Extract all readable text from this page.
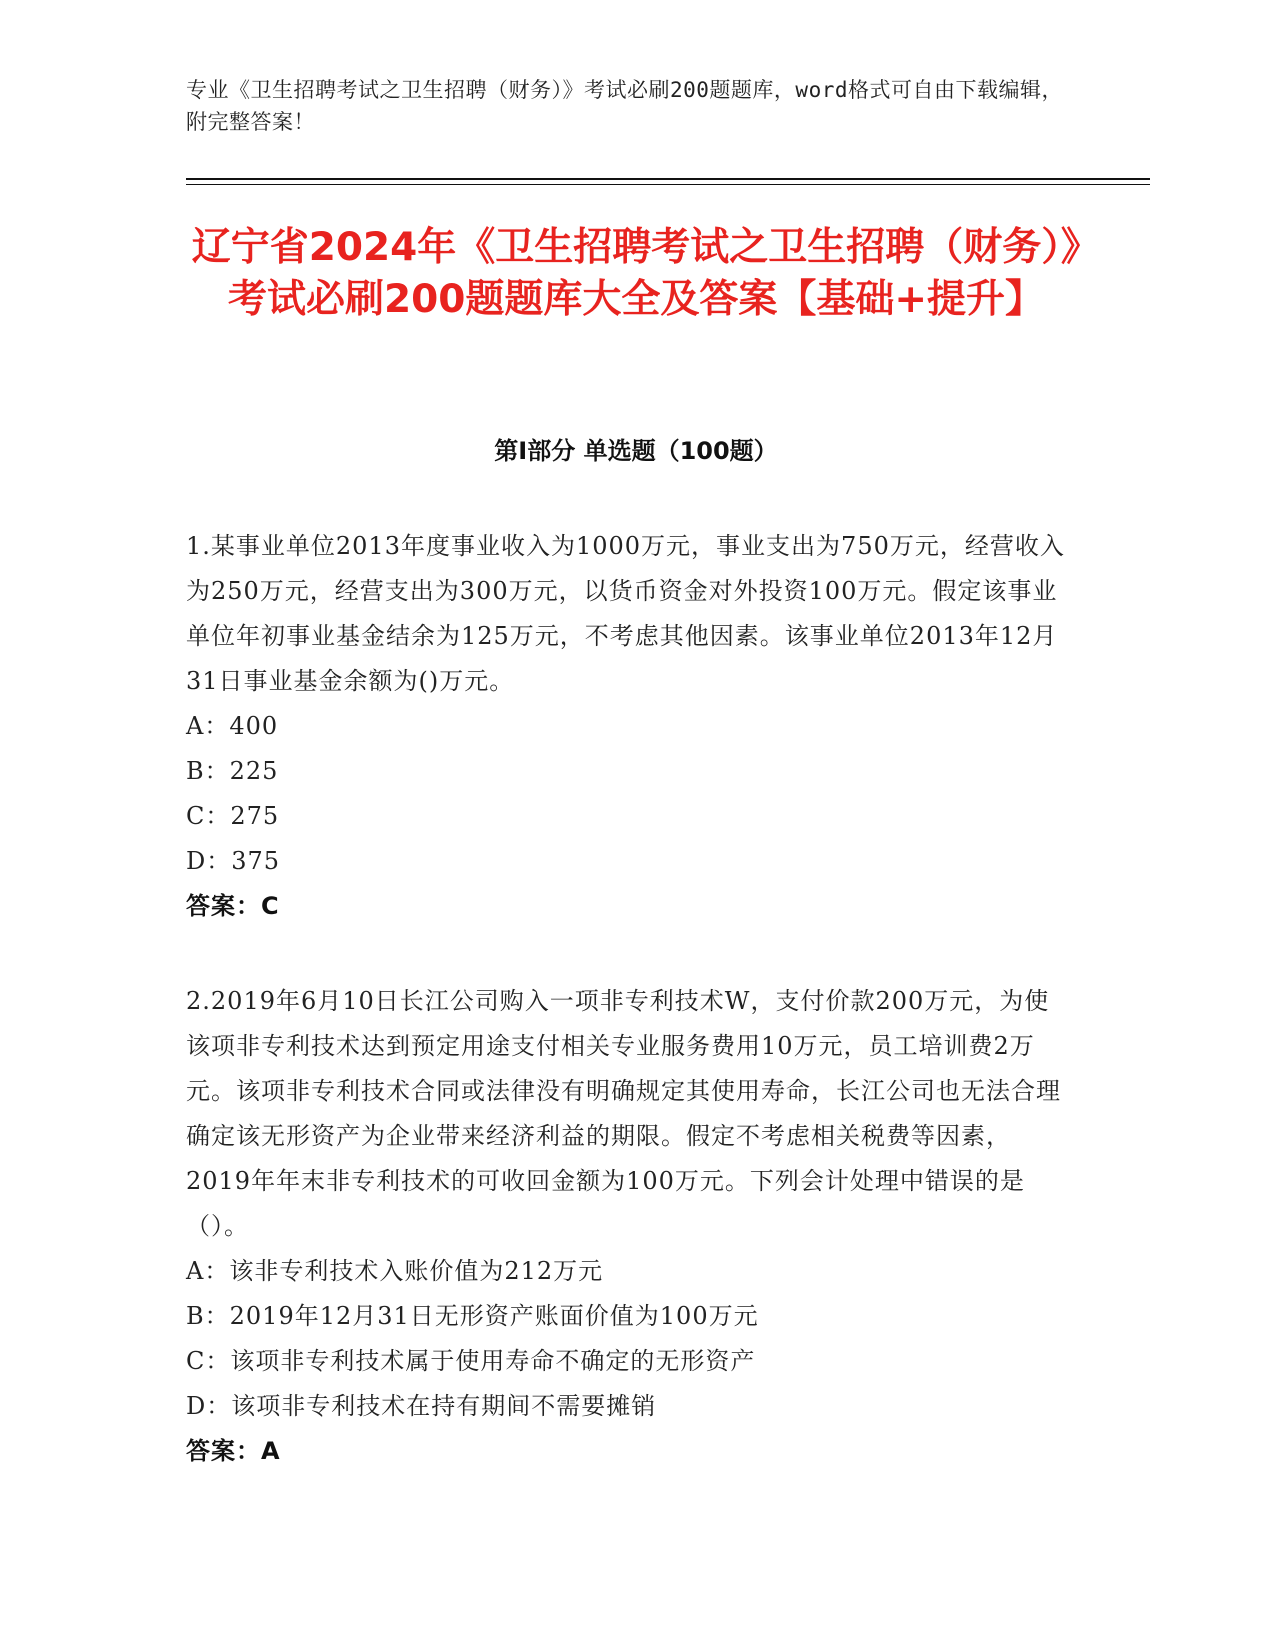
专业《卫生招聘考试之卫生招聘（财务）》考试必刷200题题库，word格式可自由下载编辑，附完整答案！
辽宁省2024年《卫生招聘考试之卫生招聘（财务）》考试必刷200题题库大全及答案【基础+提升】
第Ⅰ部分 单选题（100题）

1.某事业单位2013年度事业收入为1000万元，事业支出为750万元，经营收入为250万元，经营支出为300万元，以货币资金对外投资100万元。假定该事业单位年初事业基金结余为125万元，不考虑其他因素。该事业单位2013年12月31日事业基金余额为()万元。

A：400

B：225

C：275

D：375

答案：C

2.2019年6月10日长江公司购入一项非专利技术W，支付价款200万元，为使该项非专利技术达到预定用途支付相关专业服务费用10万元，员工培训费2万元。该项非专利技术合同或法律没有明确规定其使用寿命，长江公司也无法合理确定该无形资产为企业带来经济利益的期限。假定不考虑相关税费等因素，2019年年末非专利技术的可收回金额为100万元。下列会计处理中错误的是（）。

A：该非专利技术入账价值为212万元

B：2019年12月31日无形资产账面价值为100万元

C：该项非专利技术属于使用寿命不确定的无形资产

D：该项非专利技术在持有期间不需要摊销

答案：A
